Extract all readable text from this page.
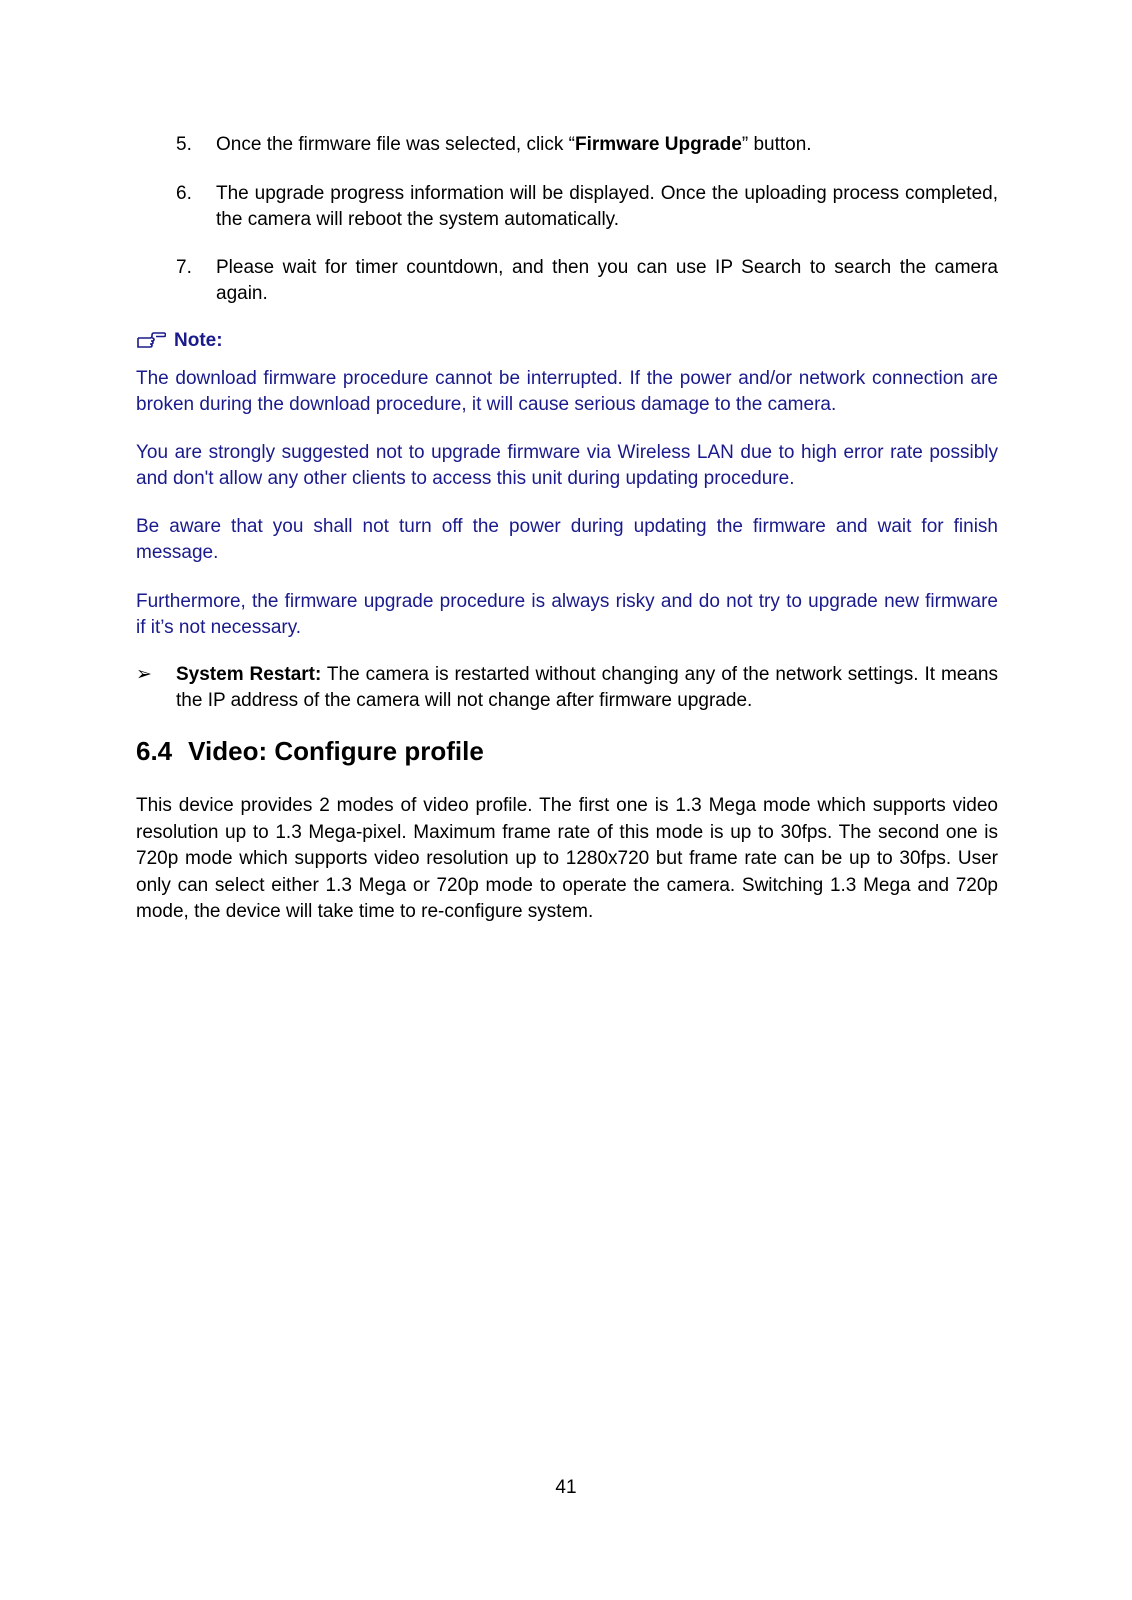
5. Once the firmware file was selected, click “Firmware Upgrade” button.
6. The upgrade progress information will be displayed. Once the uploading process completed, the camera will reboot the system automatically.
7. Please wait for timer countdown, and then you can use IP Search to search the camera again.
Note:
The download firmware procedure cannot be interrupted. If the power and/or network connection are broken during the download procedure, it will cause serious damage to the camera.
You are strongly suggested not to upgrade firmware via Wireless LAN due to high error rate possibly and don't allow any other clients to access this unit during updating procedure.
Be aware that you shall not turn off the power during updating the firmware and wait for finish message.
Furthermore, the firmware upgrade procedure is always risky and do not try to upgrade new firmware if it’s not necessary.
➢ System Restart: The camera is restarted without changing any of the network settings. It means the IP address of the camera will not change after firmware upgrade.
6.4 Video: Configure profile
This device provides 2 modes of video profile. The first one is 1.3 Mega mode which supports video resolution up to 1.3 Mega-pixel. Maximum frame rate of this mode is up to 30fps. The second one is 720p mode which supports video resolution up to 1280x720 but frame rate can be up to 30fps. User only can select either 1.3 Mega or 720p mode to operate the camera. Switching 1.3 Mega and 720p mode, the device will take time to re-configure system.
41
